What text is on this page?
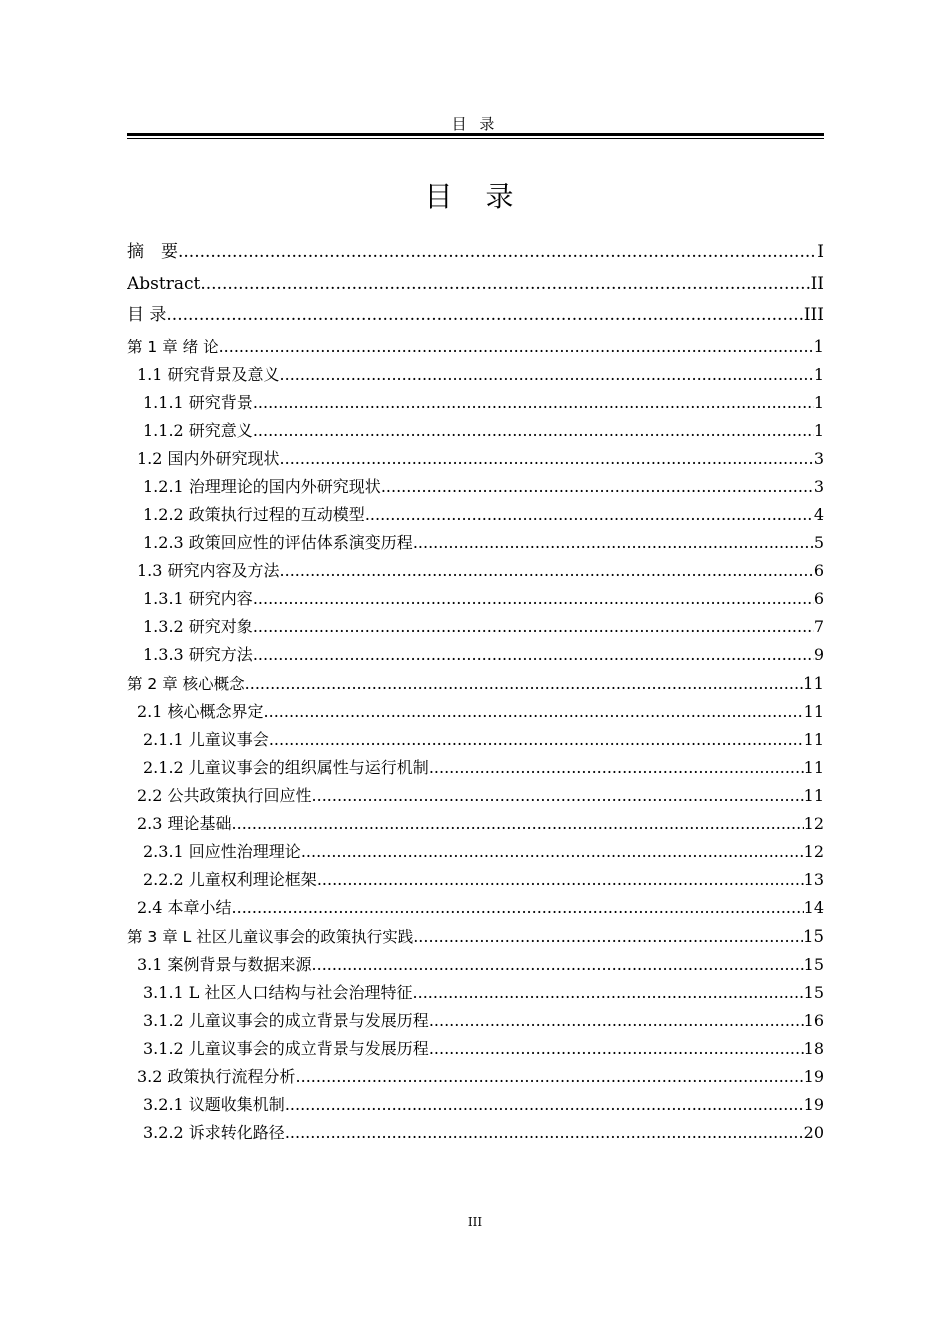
目 录
目 录
摘　要 .....	I
Abstract .....	II
目 录 .....	III
第 1 章 绪 论 .....	1
1.1 研究背景及意义 .....	1
1.1.1 研究背景 .....	1
1.1.2 研究意义 .....	1
1.2 国内外研究现状 .....	3
1.2.1 治理理论的国内外研究现状 .....	3
1.2.2 政策执行过程的互动模型 .....	4
1.2.3 政策回应性的评估体系演变历程 .....	5
1.3 研究内容及方法 .....	6
1.3.1 研究内容 .....	6
1.3.2 研究对象 .....	7
1.3.3 研究方法 .....	9
第 2 章 核心概念 .....	11
2.1 核心概念界定 .....	11
2.1.1 儿童议事会 .....	11
2.1.2 儿童议事会的组织属性与运行机制 .....	11
2.2 公共政策执行回应性 .....	11
2.3 理论基础 .....	12
2.3.1 回应性治理理论 .....	12
2.2.2 儿童权利理论框架 .....	13
2.4 本章小结 .....	14
第 3 章 L 社区儿童议事会的政策执行实践 .....	15
3.1 案例背景与数据来源 .....	15
3.1.1 L 社区人口结构与社会治理特征 .....	15
3.1.2 儿童议事会的成立背景与发展历程 .....	16
3.1.2 儿童议事会的成立背景与发展历程 .....	18
3.2 政策执行流程分析 .....	19
3.2.1 议题收集机制 .....	19
3.2.2 诉求转化路径 .....	20
III
